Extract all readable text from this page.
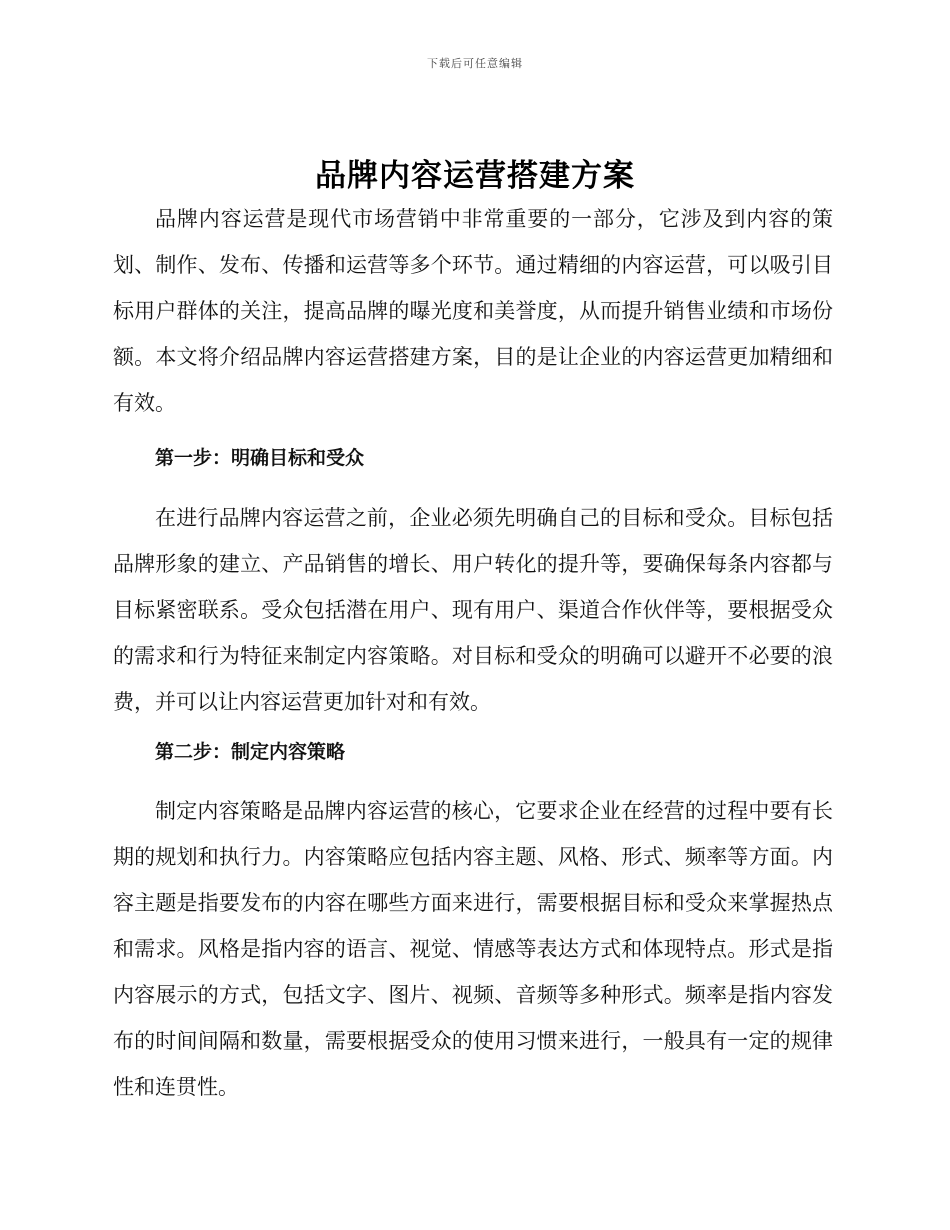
下载后可任意编辑
品牌内容运营搭建方案

品牌内容运营是现代市场营销中非常重要的一部分，它涉及到内容的策划、制作、发布、传播和运营等多个环节。通过精细的内容运营，可以吸引目标用户群体的关注，提高品牌的曝光度和美誉度，从而提升销售业绩和市场份额。本文将介绍品牌内容运营搭建方案，目的是让企业的内容运营更加精细和有效。

第一步：明确目标和受众

在进行品牌内容运营之前，企业必须先明确自己的目标和受众。目标包括品牌形象的建立、产品销售的增长、用户转化的提升等，要确保每条内容都与目标紧密联系。受众包括潜在用户、现有用户、渠道合作伙伴等，要根据受众的需求和行为特征来制定内容策略。对目标和受众的明确可以避开不必要的浪费，并可以让内容运营更加针对和有效。

第二步：制定内容策略

制定内容策略是品牌内容运营的核心，它要求企业在经营的过程中要有长期的规划和执行力。内容策略应包括内容主题、风格、形式、频率等方面。内容主题是指要发布的内容在哪些方面来进行，需要根据目标和受众来掌握热点和需求。风格是指内容的语言、视觉、情感等表达方式和体现特点。形式是指内容展示的方式，包括文字、图片、视频、音频等多种形式。频率是指内容发布的时间间隔和数量，需要根据受众的使用习惯来进行，一般具有一定的规律性和连贯性。
